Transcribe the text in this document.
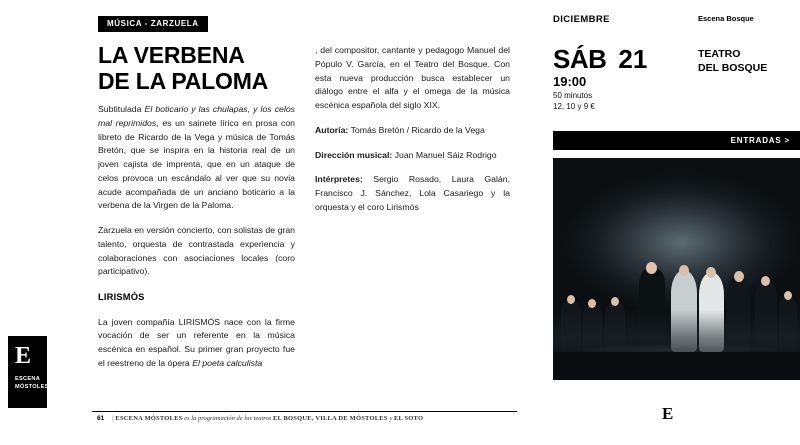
MÚSICA - ZARZUELA
LA VERBENA
DE LA PALOMA

Subtitulada El boticario y las chulapas, y los celos mal reprimidos, es un sainete lírico en prosa con libreto de Ricardo de la Vega y música de Tomás Bretón, que se inspira en la historia real de un joven cajista de imprenta, que en un ataque de celos provoca un escándalo al ver que su novia acude acompañada de un anciano boticario a la verbena de la Virgen de la Paloma.

Zarzuela en versión concierto, con solistas de gran talento, orquesta de contrastada experiencia y colaboraciones con asociaciones locales (coro participativo).

LIRISMÓS

La joven compañía LIRISMÓS nace con la firme vocación de ser un referente en la música escénica en español. Su primer gran proyecto fue el reestreno de la ópera El poeta calculista

, del compositor, cantante y pedagogo Manuel del Pópulo V. García, en el Teatro del Bosque. Con esta nueva producción busca establecer un diálogo entre el alfa y el omega de la música escénica española del siglo XIX.

Autoría: Tomás Bretón / Ricardo de la Vega

Dirección musical: Juan Manuel Sáiz Rodrigo

Intérpretes: Sergio Rosado, Laura Galán, Francisco J. Sánchez, Lola Casariego y la orquesta y el coro Lirismós

E
ESCENA
MÓSTOLES
61 | ESCENA MÓSTOLES es la programación de los teatros EL BOSQUE, VILLA DE MÓSTOLES y EL SOTO
DICIEMBRE	Escena Bosque
SÁB 21
19:00
50 minutos
12, 10 y 9 €
TEATRO
DEL BOSQUE
ENTRADAS >
E
